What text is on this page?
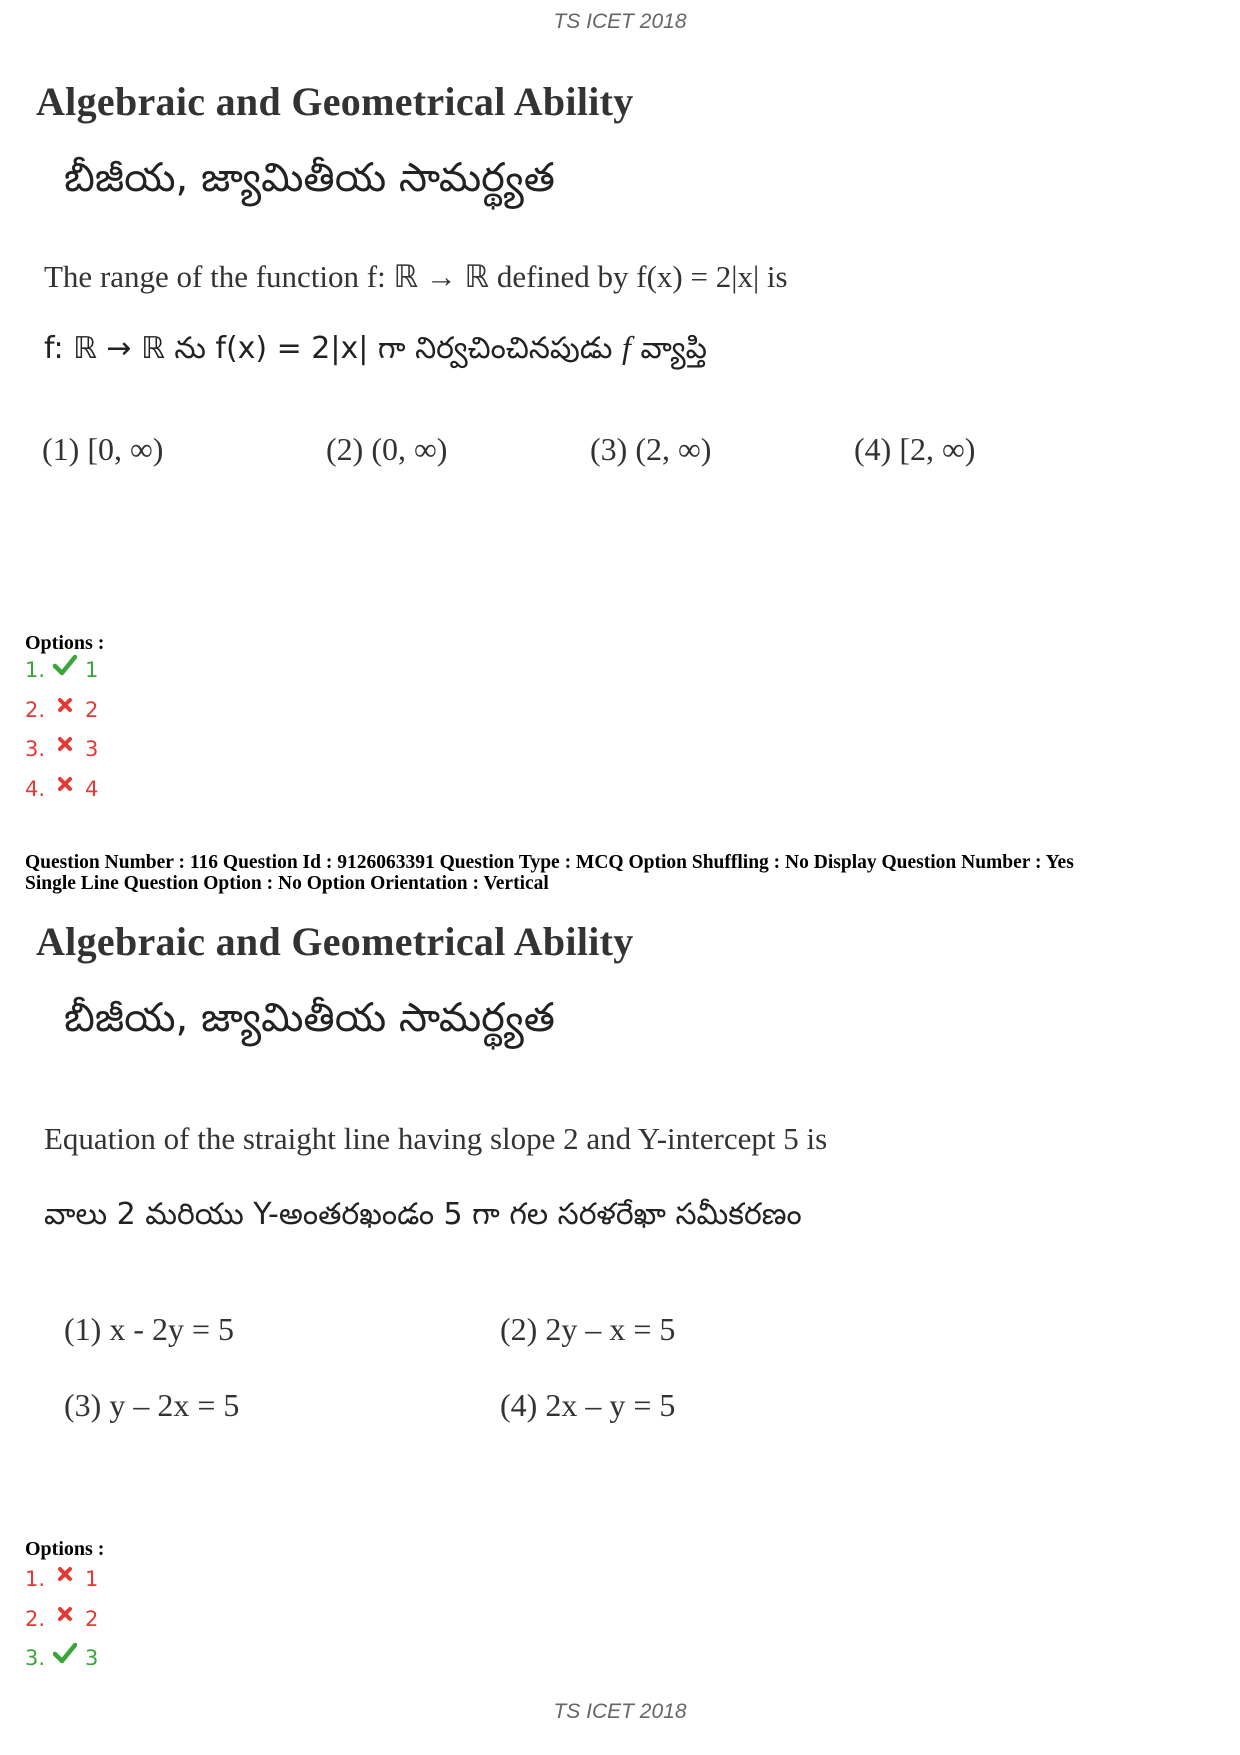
TS ICET 2018
Algebraic and Geometrical Ability
బీజీయ, జ్యామితీయ సామర్థ్యత
The range of the function f: ℝ → ℝ defined by f(x) = 2|x| is
f: ℝ → ℝ ను f(x) = 2|x| గా నిర్వచించినపుడు f వ్యాప్తి
(1) [0, ∞)	(2) (0, ∞)	(3) (2, ∞)	(4) [2, ∞)
Options :
1. 1
2. 2
3. 3
4. 4
Question Number : 116 Question Id : 9126063391 Question Type : MCQ Option Shuffling : No Display Question Number : Yes
Single Line Question Option : No Option Orientation : Vertical
Algebraic and Geometrical Ability
బీజీయ, జ్యామితీయ సామర్థ్యత
Equation of the straight line having slope 2 and Y-intercept 5 is
వాలు 2 మరియు Y-అంతరఖండం 5 గా గల సరళరేఖా సమీకరణం
(1) x - 2y = 5	(2) 2y – x = 5
(3) y – 2x = 5	(4) 2x – y = 5
Options :
1. 1
2. 2
3. 3
TS ICET 2018
